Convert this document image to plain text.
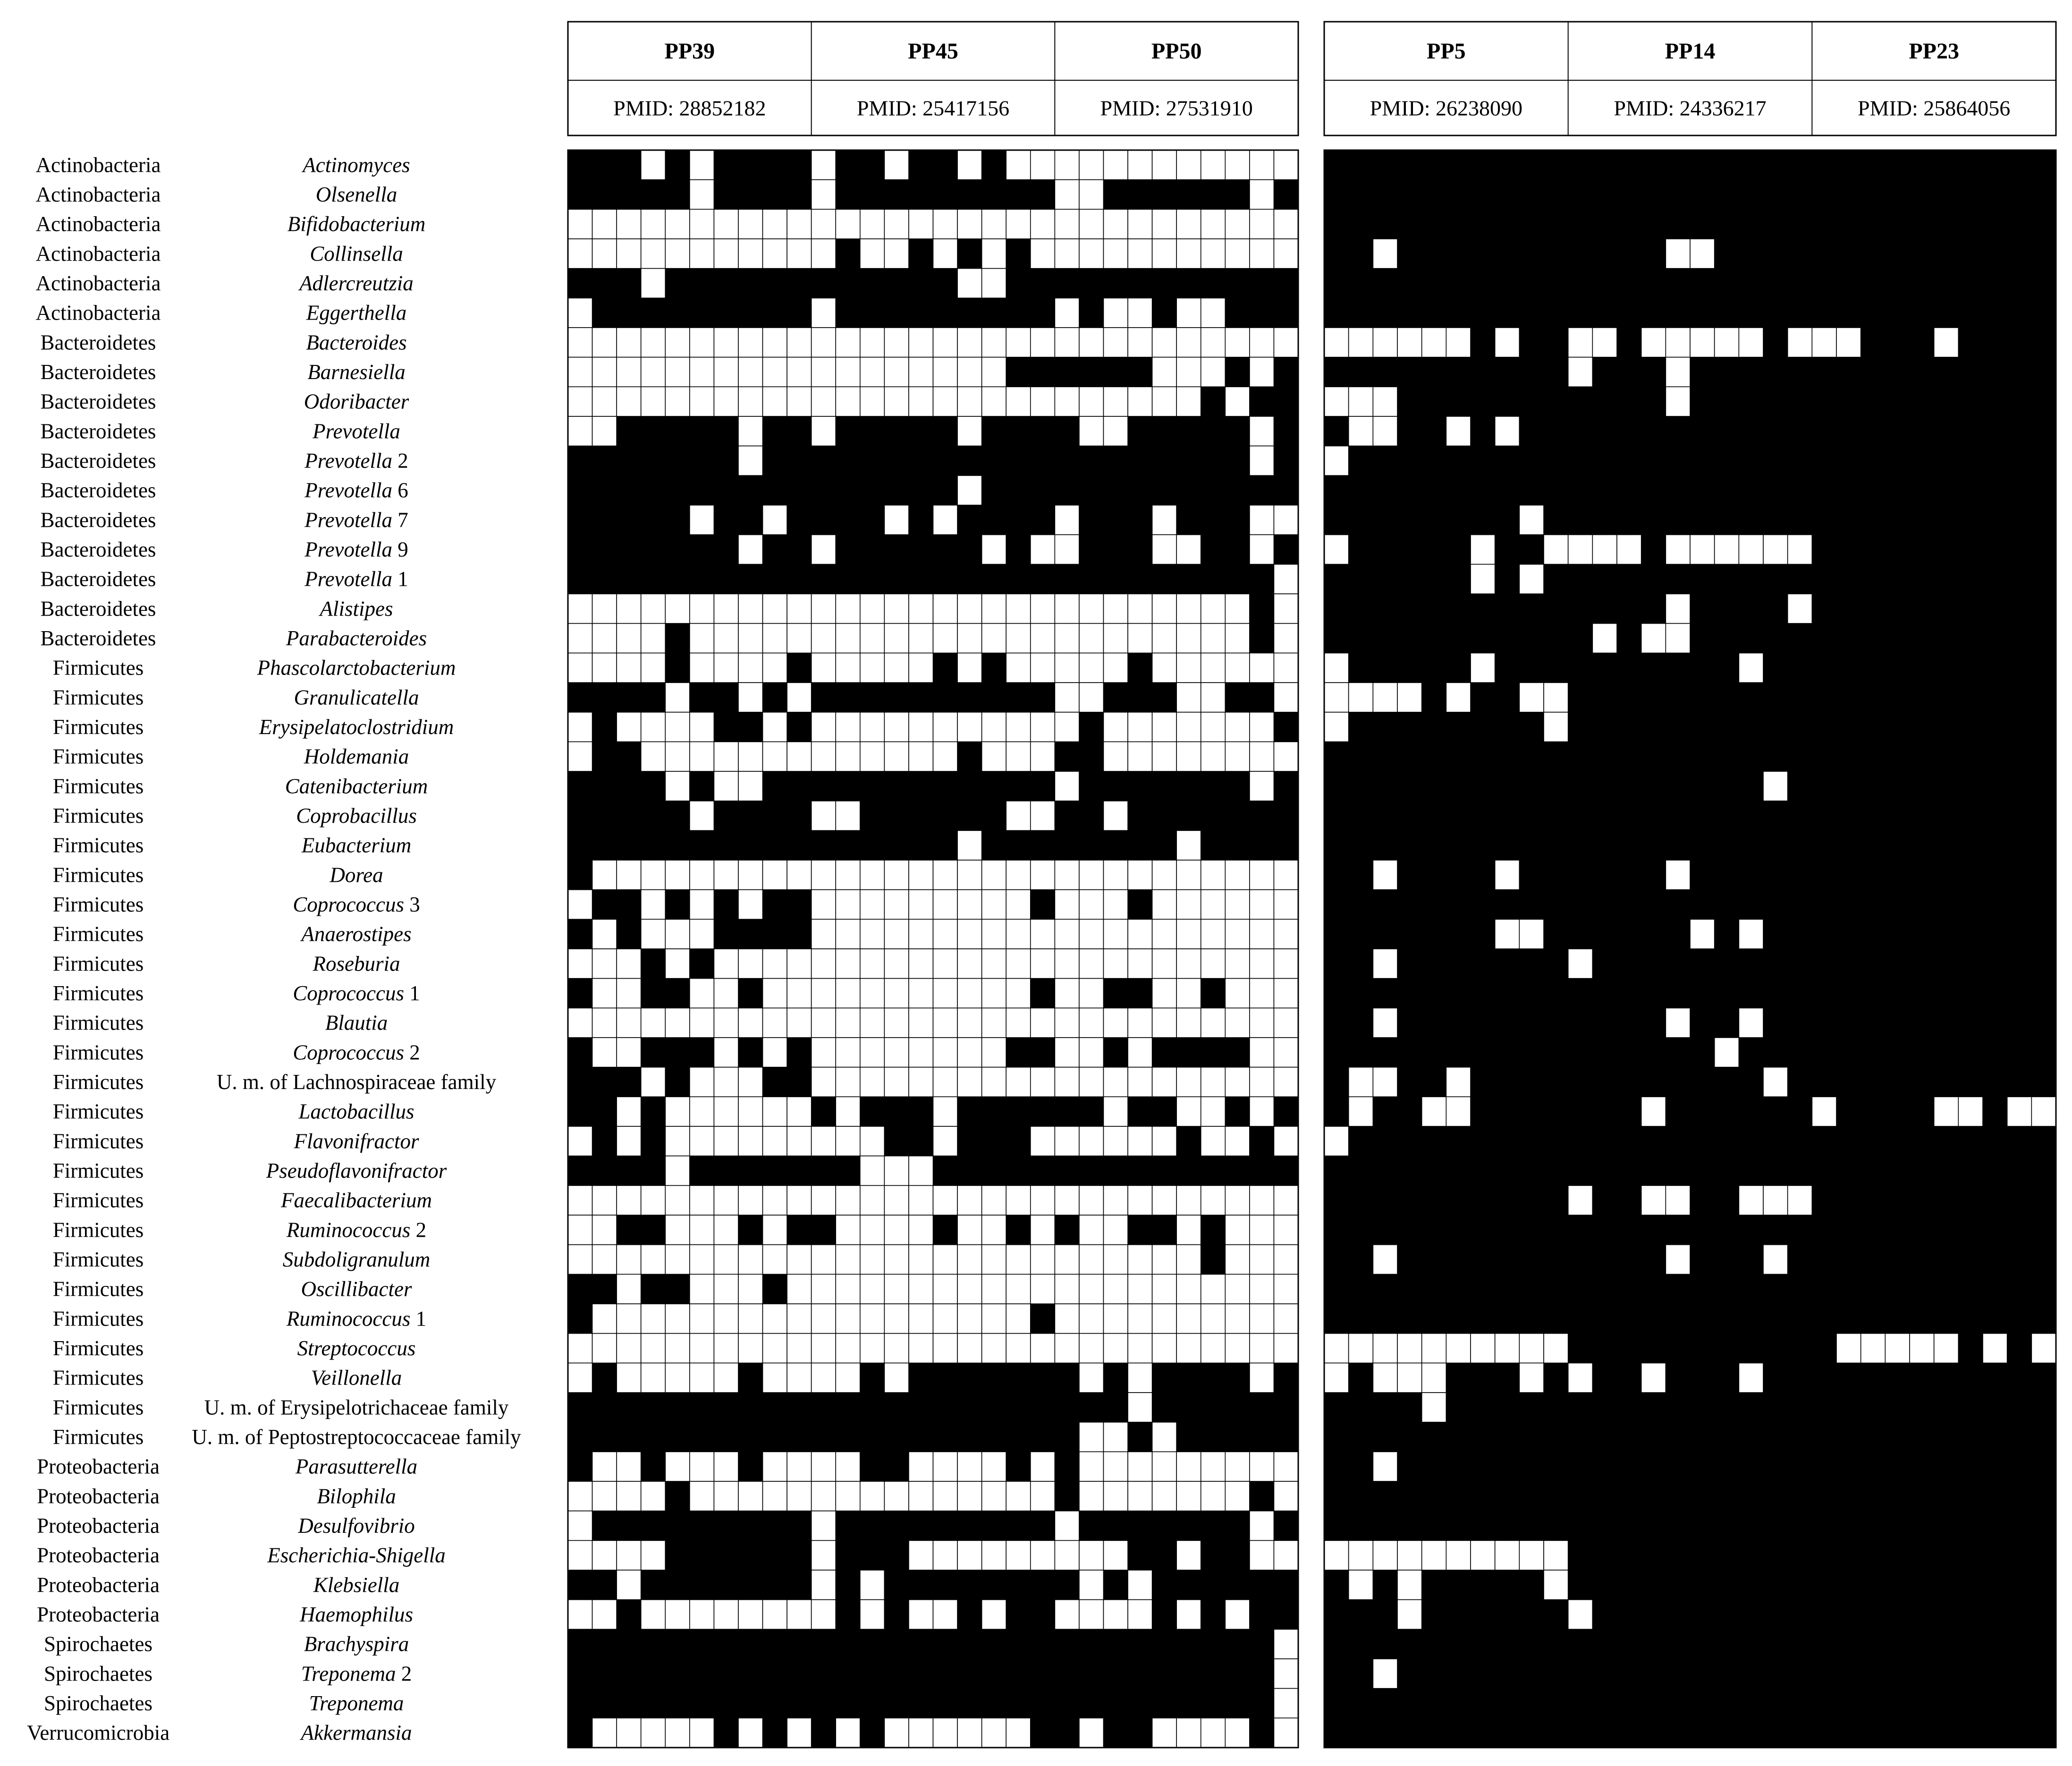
PP39
PMID: 28852182
PP45
PMID: 25417156
PP50
PMID: 27531910
PP5
PMID: 26238090
PP14
PMID: 24336217
PP23
PMID: 25864056
Actinobacteria	Actinomyces
Actinobacteria	Olsenella
Actinobacteria	Bifidobacterium
Actinobacteria	Collinsella
Actinobacteria	Adlercreutzia
Actinobacteria	Eggerthella
Bacteroidetes	Bacteroides
Bacteroidetes	Barnesiella
Bacteroidetes	Odoribacter
Bacteroidetes	Prevotella
Bacteroidetes	Prevotella 2
Bacteroidetes	Prevotella 6
Bacteroidetes	Prevotella 7
Bacteroidetes	Prevotella 9
Bacteroidetes	Prevotella 1
Bacteroidetes	Alistipes
Bacteroidetes	Parabacteroides
Firmicutes	Phascolarctobacterium
Firmicutes	Granulicatella
Firmicutes	Erysipelatoclostridium
Firmicutes	Holdemania
Firmicutes	Catenibacterium
Firmicutes	Coprobacillus
Firmicutes	Eubacterium
Firmicutes	Dorea
Firmicutes	Coprococcus 3
Firmicutes	Anaerostipes
Firmicutes	Roseburia
Firmicutes	Coprococcus 1
Firmicutes	Blautia
Firmicutes	Coprococcus 2
Firmicutes	U. m. of Lachnospiraceae family
Firmicutes	Lactobacillus
Firmicutes	Flavonifractor
Firmicutes	Pseudoflavonifractor
Firmicutes	Faecalibacterium
Firmicutes	Ruminococcus 2
Firmicutes	Subdoligranulum
Firmicutes	Oscillibacter
Firmicutes	Ruminococcus 1
Firmicutes	Streptococcus
Firmicutes	Veillonella
Firmicutes	U. m. of Erysipelotrichaceae family
Firmicutes U. m. of Peptostreptococcaceae family
Proteobacteria	Parasutterella
Proteobacteria	Bilophila
Proteobacteria	Desulfovibrio
Proteobacteria	Escherichia-Shigella
Proteobacteria	Klebsiella
Proteobacteria	Haemophilus
Spirochaetes	Brachyspira
Spirochaetes	Treponema 2
Spirochaetes	Treponema
Verrucomicrobia	Akkermansia
